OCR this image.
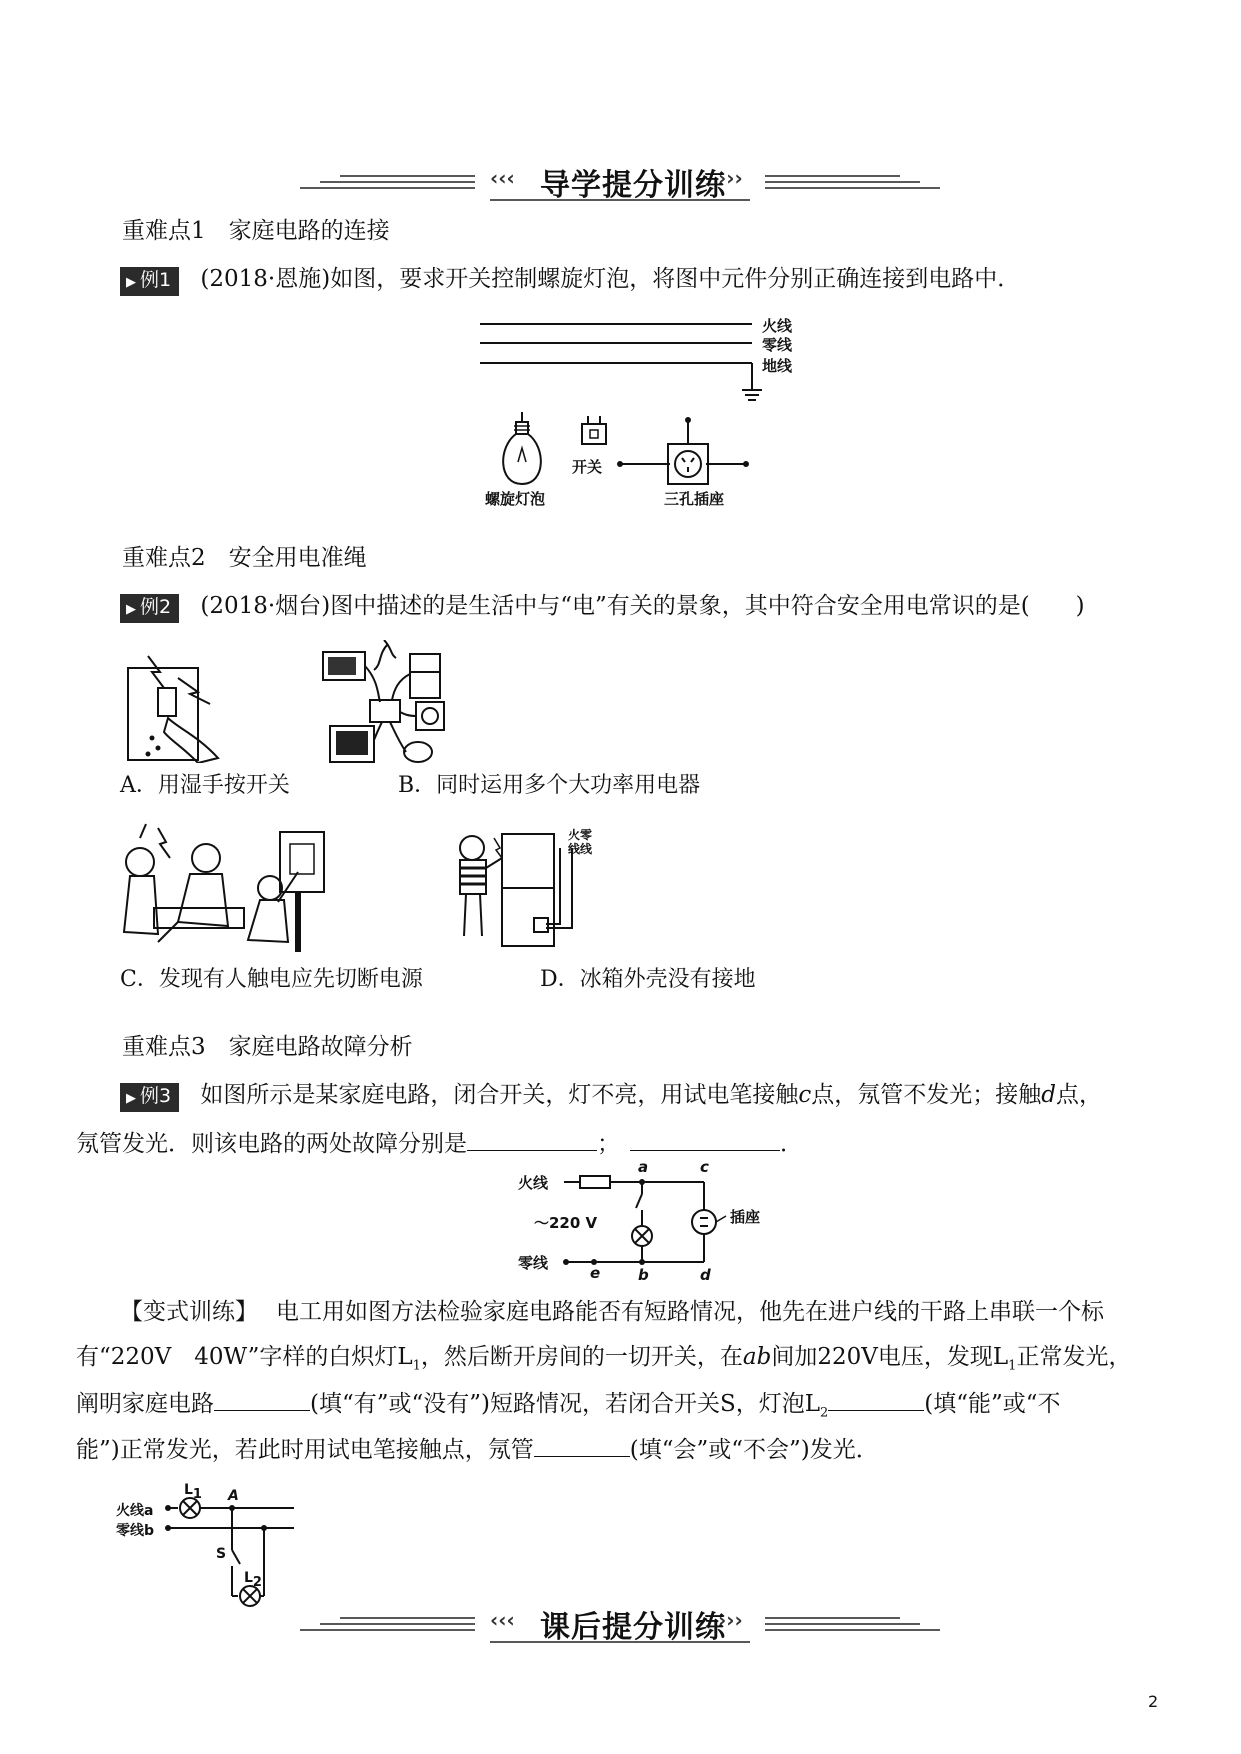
‹‹‹ 导学提分训练
›››
重难点1　家庭电路的连接
▶ 例1 (2018·恩施)如图，要求开关控制螺旋灯泡，将图中元件分别正确连接到电路中．
火线
零线
地线
开关
螺旋灯泡	三孔插座
重难点2　安全用电准绳
▶ 例2 (2018·烟台)图中描述的是生活中与“电”有关的景象，其中符合安全用电常识的是(　　)
A．用湿手按开关	B．同时运用多个大功率用电器
火零
线线
C．发现有人触电应先切断电源	D．冰箱外壳没有接地
重难点3　家庭电路故障分析
▶ 例3 如图所示是某家庭电路，闭合开关，灯不亮，用试电笔接触c点，氖管不发光；接触d点，
氖管发光．则该电路的两处故障分别是	；	．
火线
～220 V
零线
插座
a	c
b	d
e
【变式训练】 电工用如图方法检验家庭电路能否有短路情况，他先在进户线的干路上串联一个标
有“220V　40W”字样的白炽灯$L_1$，然后断开房间的一切开关，在ab间加220V电压，发现$L_1$正常发光，
阐明家庭电路	(填“有”或“没有”)短路情况，若闭合开关S，灯泡$L_2$	(填“能”或“不
能”)正常发光，若此时用试电笔接触点，氖管	(填“会”或“不会”)发光．
火线a
零线b
$L_1$ A
S
$L_2$
‹‹‹ 课后提分训练
›››
2
